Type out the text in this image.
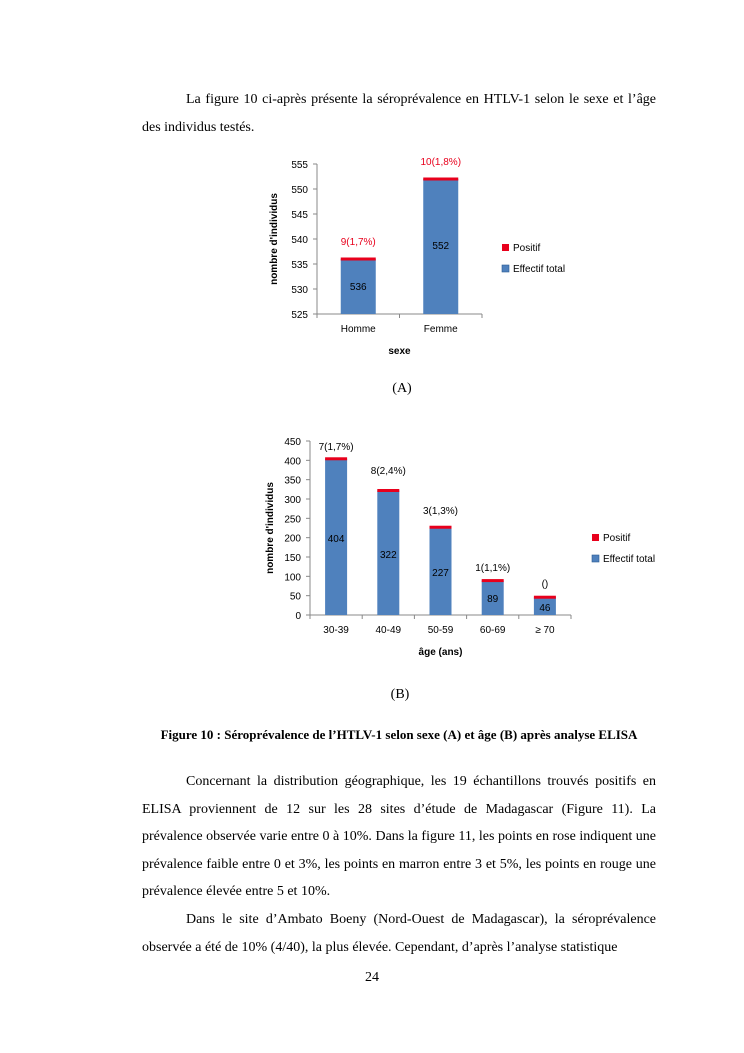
La figure 10 ci-après présente la séroprévalence en HTLV-1 selon le sexe et l’âge des individus testés.

525
530
535
540
545
550
555
536
9(1,7%)
Homme
552
10(1,8%)
Femme
sexe
nombre d'individus	Positif
Effectif total
(A)
0
50
100
150
200
250
300
350
400
450
404
7(1,7%)
30-39
322
8(2,4%)
40-49
227
3(1,3%)
50-59
89
1(1,1%)
60-69
46
()
≥ 70
âge (ans)
nombre d'individus	Positif
Effectif total
(B)
Figure 10 : Séroprévalence de l’HTLV-1 selon sexe (A) et âge (B) après analyse ELISA

Concernant la distribution géographique, les 19 échantillons trouvés positifs en ELISA proviennent de 12 sur les 28 sites d’étude de Madagascar (Figure 11). La prévalence observée varie entre 0 à 10%. Dans la figure 11, les points en rose indiquent une prévalence faible entre 0 et 3%, les points en marron entre 3 et 5%, les points en rouge une prévalence élevée entre 5 et 10%.

Dans le site d’Ambato Boeny (Nord-Ouest de Madagascar), la séroprévalence observée a été de 10% (4/40), la plus élevée. Cependant, d’après l’analyse statistique

24
